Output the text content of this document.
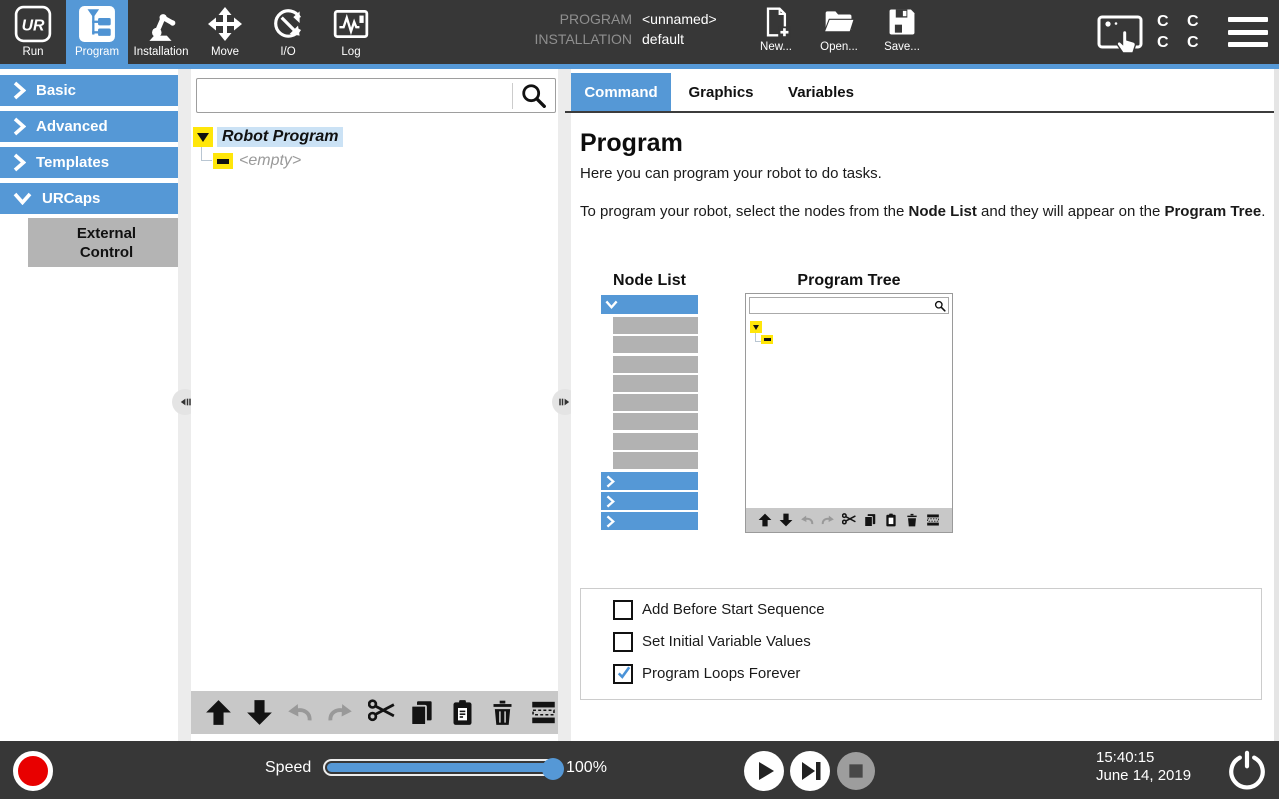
UR
Run	Program Installation Move	I/O	Log
PROGRAM <unnamed>
INSTALLATION default	New... Open... Save...
C C
C C
Basic
Advanced
Templates
URCaps
External Control
Robot Program
<empty>
Command Graphics Variables
Program
Here you can program your robot to do tasks.
To program your robot, select the nodes from the Node List and they will appear on the Program Tree.
Node List	Program Tree
Add Before Start Sequence
Set Initial Variable Values
Program Loops Forever
Speed	100%
15:40:15
June 14, 2019
